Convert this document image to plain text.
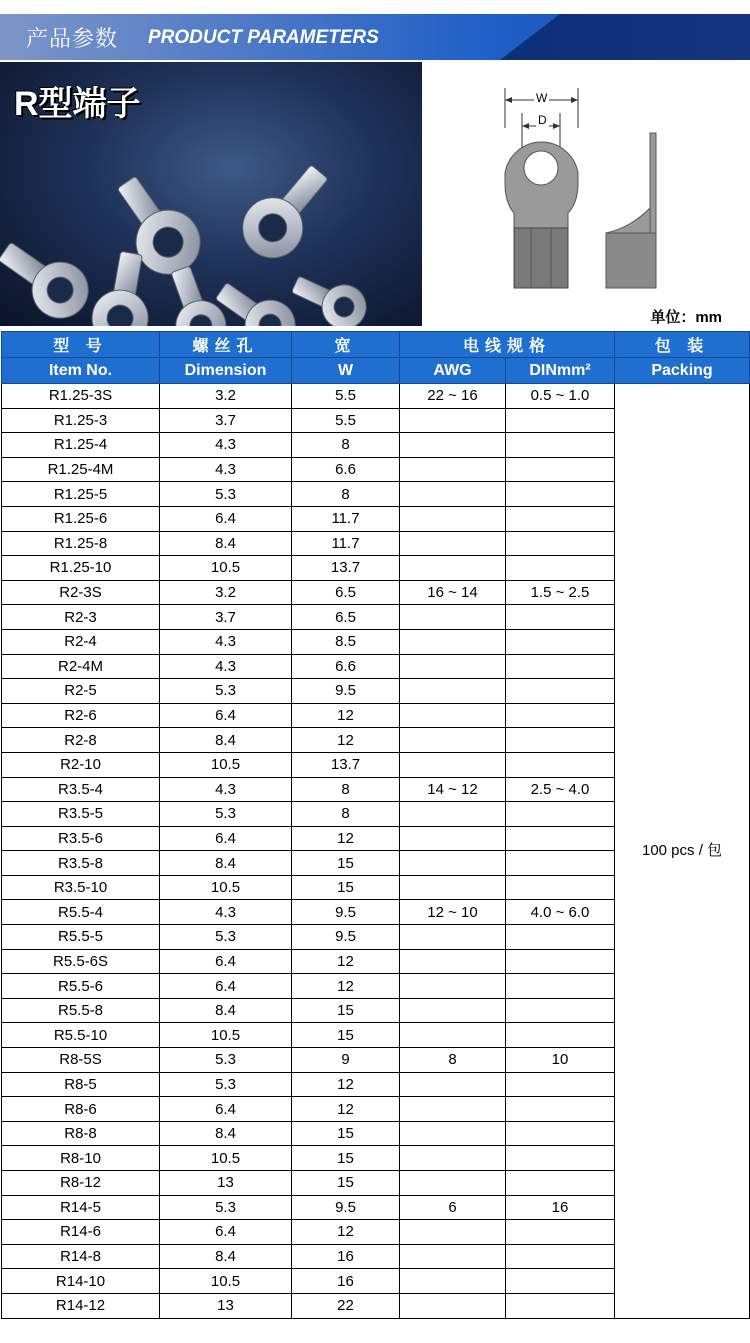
产品参数 PRODUCT PARAMETERS
R型端子	W
D
单位：mm
型 号	螺丝孔	宽	电线规格		包 装
Item No.	Dimension	W	AWG	DINmm²	Packing
R1.25-3S	3.2	5.5	22 ~ 16	0.5 ~ 1.0	100 pcs / 包
R1.25-3	3.7	5.5			
R1.25-4	4.3	8			
R1.25-4M	4.3	6.6			
R1.25-5	5.3	8			
R1.25-6	6.4	11.7			
R1.25-8	8.4	11.7			
R1.25-10	10.5	13.7			
R2-3S	3.2	6.5	16 ~ 14	1.5 ~ 2.5	
R2-3	3.7	6.5			
R2-4	4.3	8.5			
R2-4M	4.3	6.6			
R2-5	5.3	9.5			
R2-6	6.4	12			
R2-8	8.4	12			
R2-10	10.5	13.7			
R3.5-4	4.3	8	14 ~ 12	2.5 ~ 4.0	
R3.5-5	5.3	8			
R3.5-6	6.4	12			
R3.5-8	8.4	15			
R3.5-10	10.5	15			
R5.5-4	4.3	9.5	12 ~ 10	4.0 ~ 6.0	
R5.5-5	5.3	9.5			
R5.5-6S	6.4	12			
R5.5-6	6.4	12			
R5.5-8	8.4	15			
R5.5-10	10.5	15			
R8-5S	5.3	9	8	10	
R8-5	5.3	12			
R8-6	6.4	12			
R8-8	8.4	15			
R8-10	10.5	15			
R8-12	13	15			
R14-5	5.3	9.5	6	16	
R14-6	6.4	12			
R14-8	8.4	16			
R14-10	10.5	16			
R14-12	13	22			
